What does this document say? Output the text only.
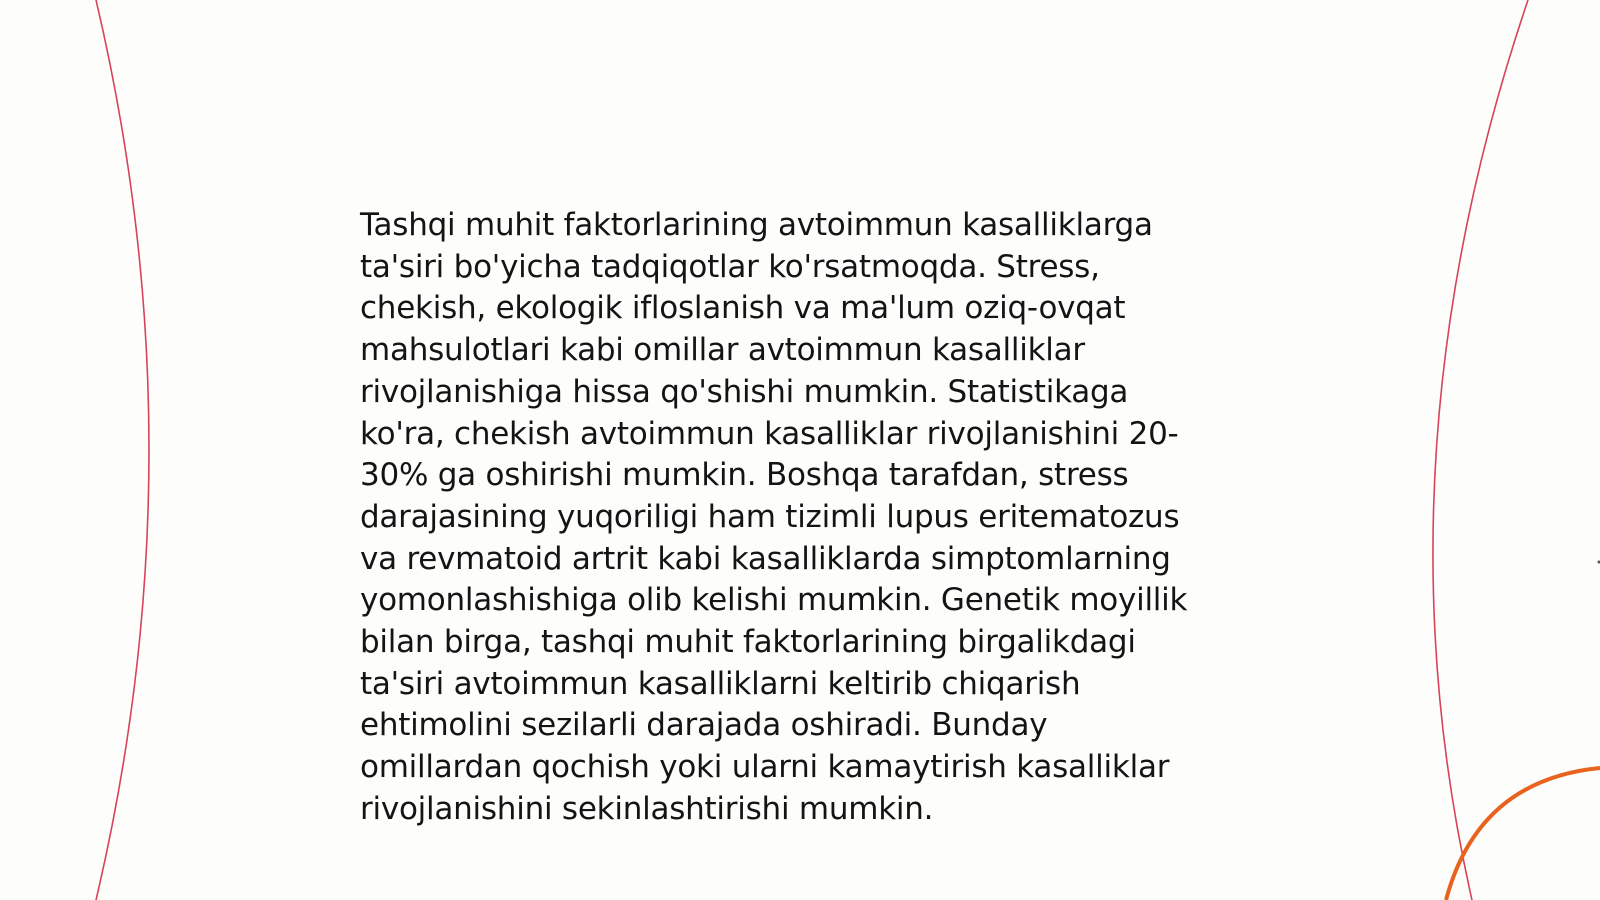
Tashqi muhit faktorlarining avtoimmun kasalliklarga
ta'siri bo'yicha tadqiqotlar ko'rsatmoqda. Stress,
chekish, ekologik ifloslanish va ma'lum oziq-ovqat
mahsulotlari kabi omillar avtoimmun kasalliklar
rivojlanishiga hissa qo'shishi mumkin. Statistikaga
ko'ra, chekish avtoimmun kasalliklar rivojlanishini 20-
30% ga oshirishi mumkin. Boshqa tarafdan, stress
darajasining yuqoriligi ham tizimli lupus eritematozus
va revmatoid artrit kabi kasalliklarda simptomlarning
yomonlashishiga olib kelishi mumkin. Genetik moyillik
bilan birga, tashqi muhit faktorlarining birgalikdagi
ta'siri avtoimmun kasalliklarni keltirib chiqarish
ehtimolini sezilarli darajada oshiradi. Bunday
omillardan qochish yoki ularni kamaytirish kasalliklar
rivojlanishini sekinlashtirishi mumkin.
